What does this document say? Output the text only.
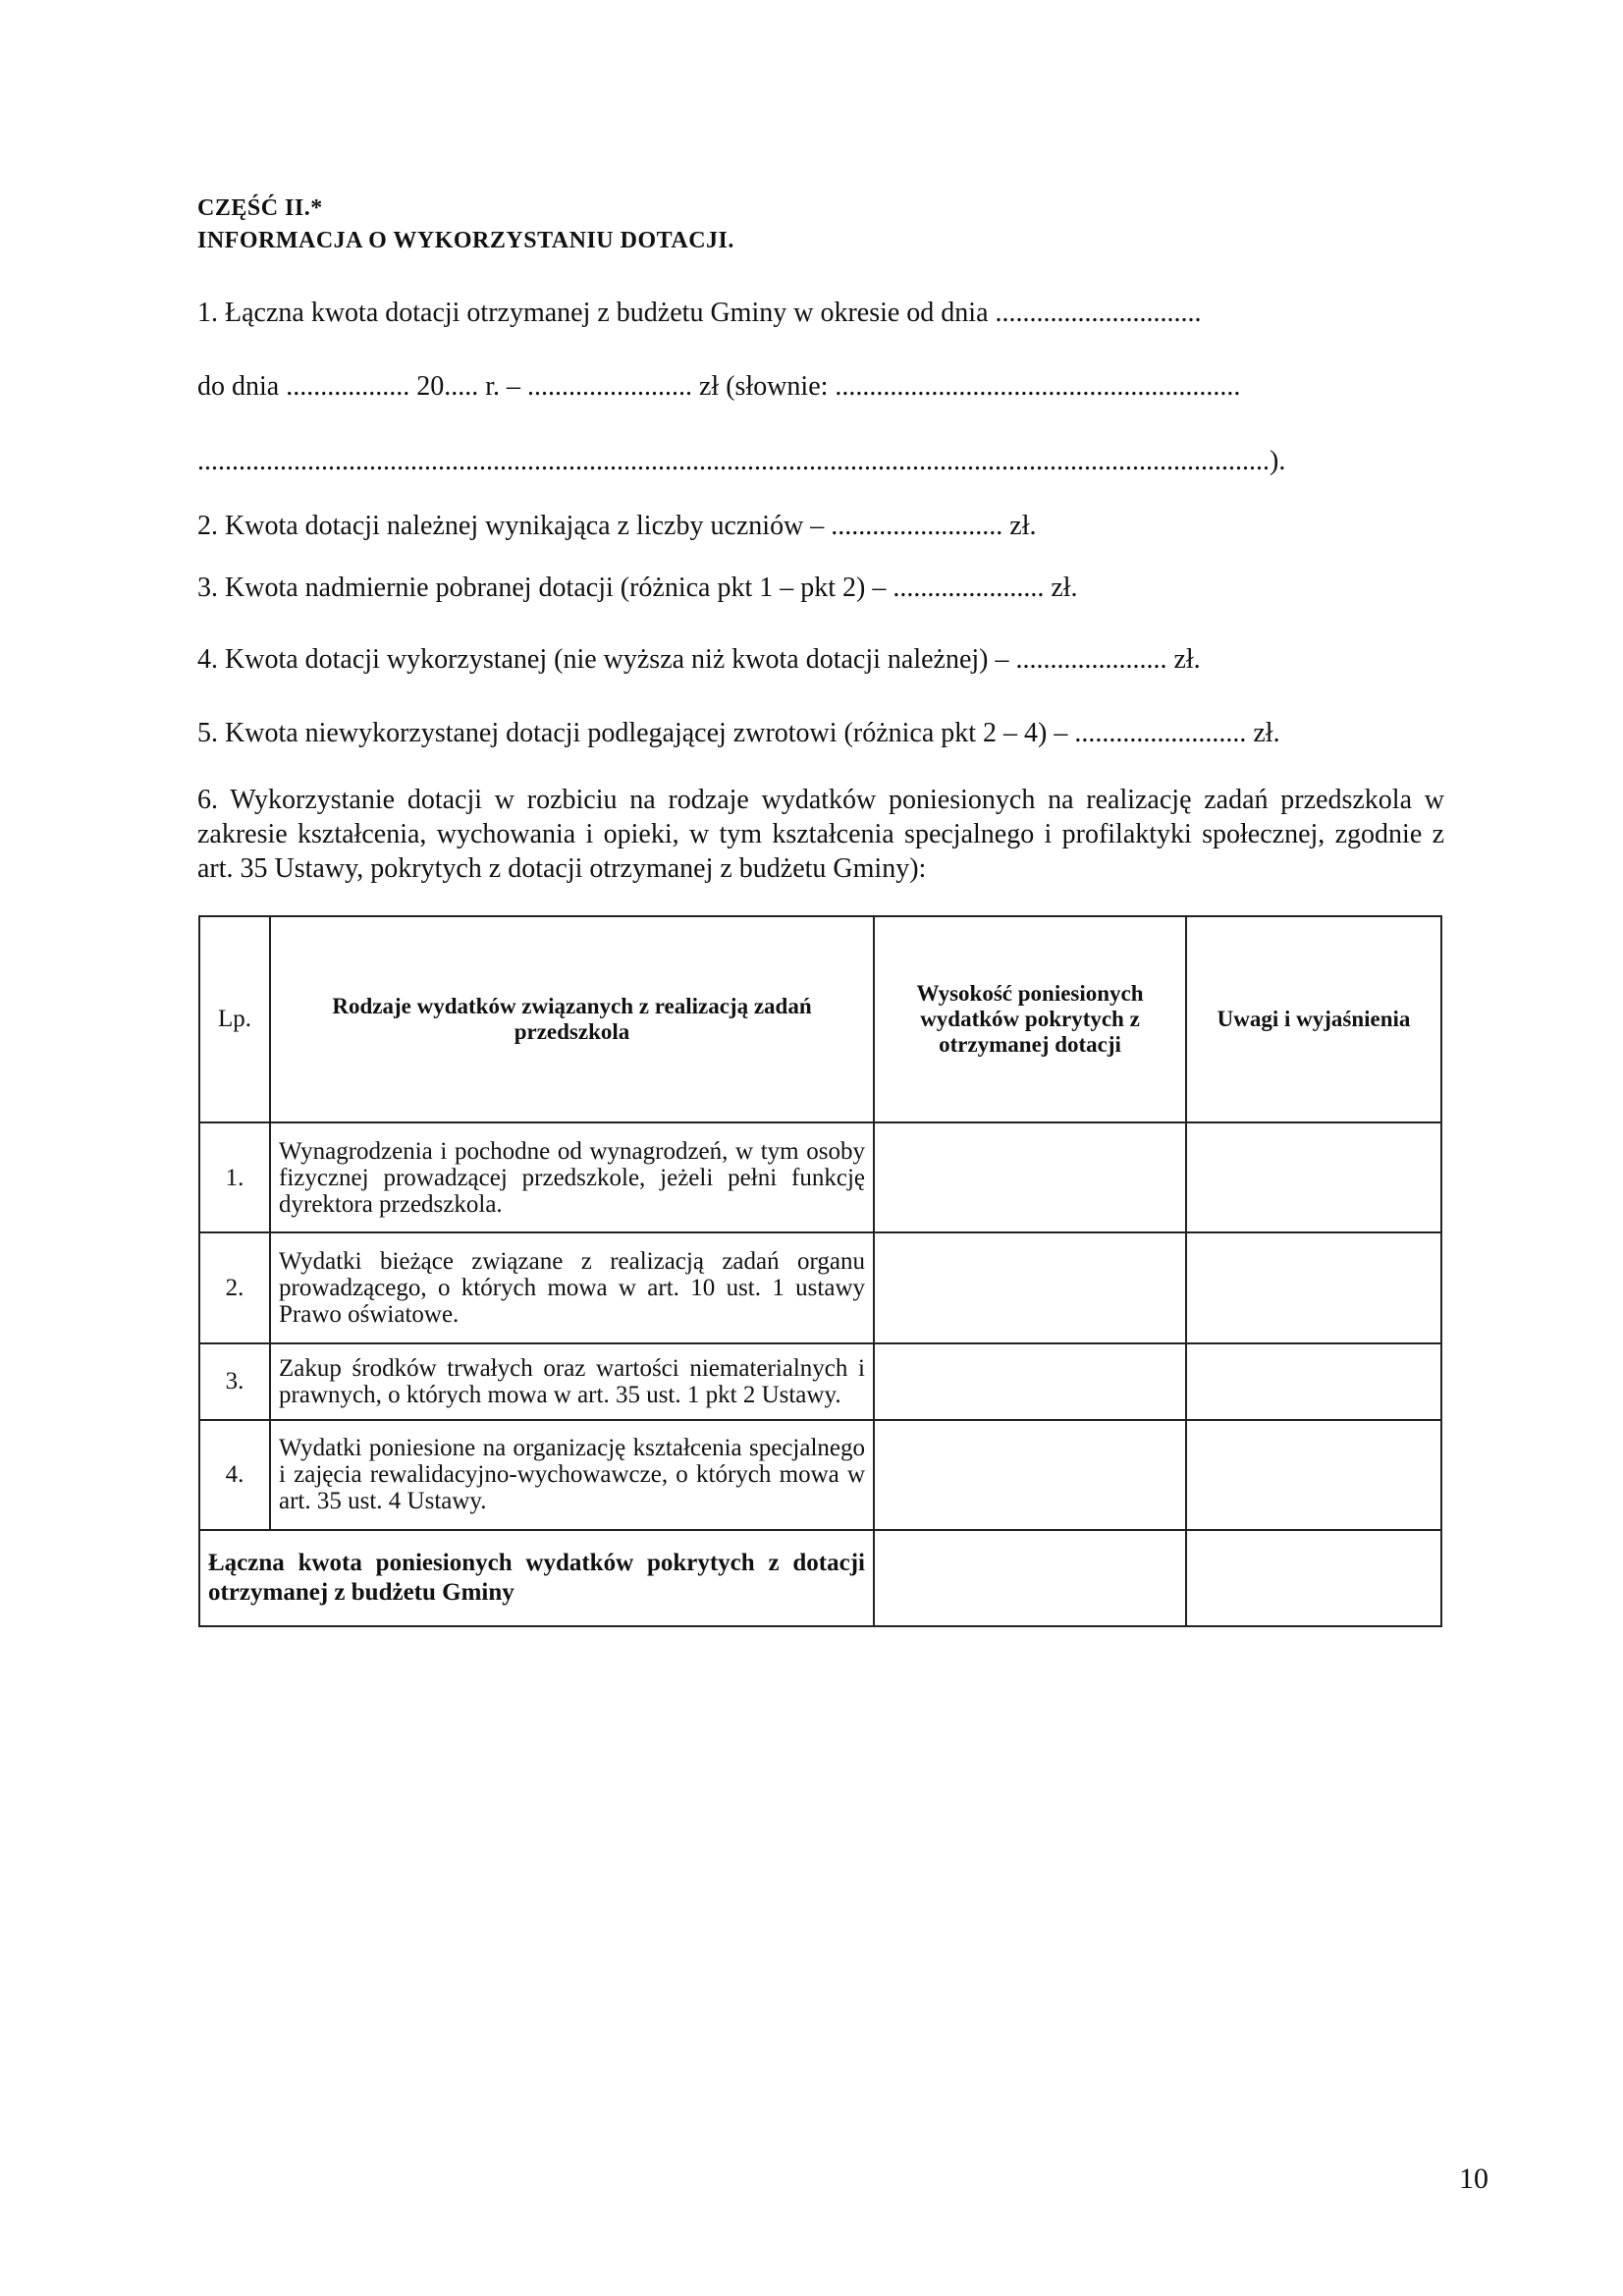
CZĘŚĆ II.*
INFORMACJA O WYKORZYSTANIU DOTACJI.
1. Łączna kwota dotacji otrzymanej z budżetu Gminy w okresie od dnia ..............................
do dnia .................. 20..... r. – ........................ zł (słownie: ...........................................................
............................................................................................................................................................).
2. Kwota dotacji należnej wynikająca z liczby uczniów – ......................... zł.
3. Kwota nadmiernie pobranej dotacji (różnica pkt 1 – pkt 2) – ...................... zł.
4. Kwota dotacji wykorzystanej (nie wyższa niż kwota dotacji należnej) – ...................... zł.
5. Kwota niewykorzystanej dotacji podlegającej zwrotowi (różnica pkt 2 – 4) – ......................... zł.
6. Wykorzystanie dotacji w rozbiciu na rodzaje wydatków poniesionych na realizację zadań przedszkola w zakresie kształcenia, wychowania i opieki, w tym kształcenia specjalnego i profilaktyki społecznej, zgodnie z art. 35 Ustawy, pokrytych z dotacji otrzymanej z budżetu Gminy):
Lp.	Rodzaje wydatków związanych z realizacją zadań przedszkola	Wysokość poniesionych wydatków pokrytych z otrzymanej dotacji	Uwagi i wyjaśnienia
1.	Wynagrodzenia i pochodne od wynagrodzeń, w tym osoby fizycznej prowadzącej przedszkole, jeżeli pełni funkcję dyrektora przedszkola.		
2.	Wydatki bieżące związane z realizacją zadań organu prowadzącego, o których mowa w art. 10 ust. 1 ustawy Prawo oświatowe.		
3.	Zakup środków trwałych oraz wartości niematerialnych i prawnych, o których mowa w art. 35 ust. 1 pkt 2 Ustawy.		
4.	Wydatki poniesione na organizację kształcenia specjalnego i zajęcia rewalidacyjno-wychowawcze, o których mowa w art. 35 ust. 4 Ustawy.		
Łączna kwota poniesionych wydatków pokrytych z dotacji otrzymanej z budżetu Gminy			
10
